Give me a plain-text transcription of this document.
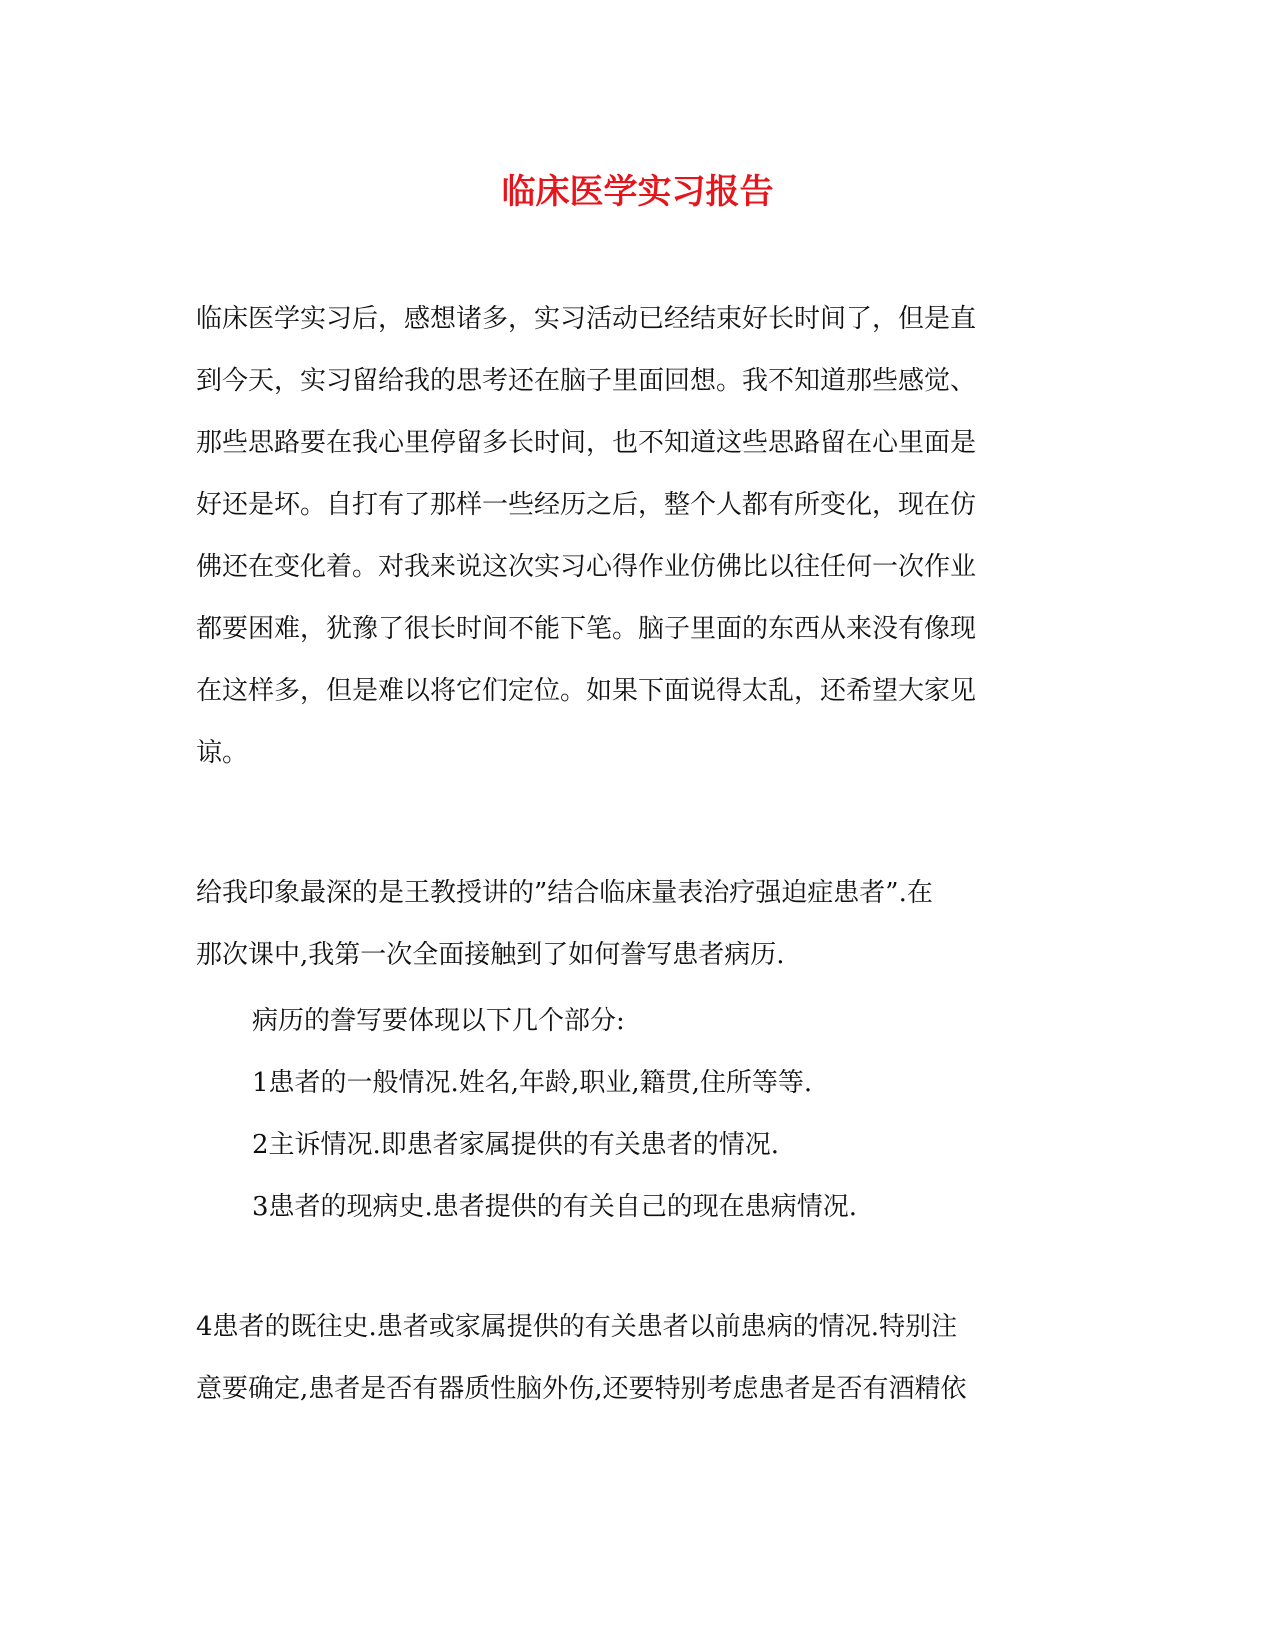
临床医学实习报告

临床医学实习后，感想诸多，实习活动已经结束好长时间了，但是直
到今天，实习留给我的思考还在脑子里面回想。我不知道那些感觉、
那些思路要在我心里停留多长时间，也不知道这些思路留在心里面是
好还是坏。自打有了那样一些经历之后，整个人都有所变化，现在仿
佛还在变化着。对我来说这次实习心得作业仿佛比以往任何一次作业
都要困难，犹豫了很长时间不能下笔。脑子里面的东西从来没有像现
在这样多，但是难以将它们定位。如果下面说得太乱，还希望大家见
谅。

给我印象最深的是王教授讲的”结合临床量表治疗强迫症患者”.在
那次课中,我第一次全面接触到了如何誊写患者病历.

病历的誊写要体现以下几个部分:

1患者的一般情况.姓名,年龄,职业,籍贯,住所等等.
2主诉情况.即患者家属提供的有关患者的情况.
3患者的现病史.患者提供的有关自己的现在患病情况.

4患者的既往史.患者或家属提供的有关患者以前患病的情况.特别注
意要确定,患者是否有器质性脑外伤,还要特别考虑患者是否有酒精依
